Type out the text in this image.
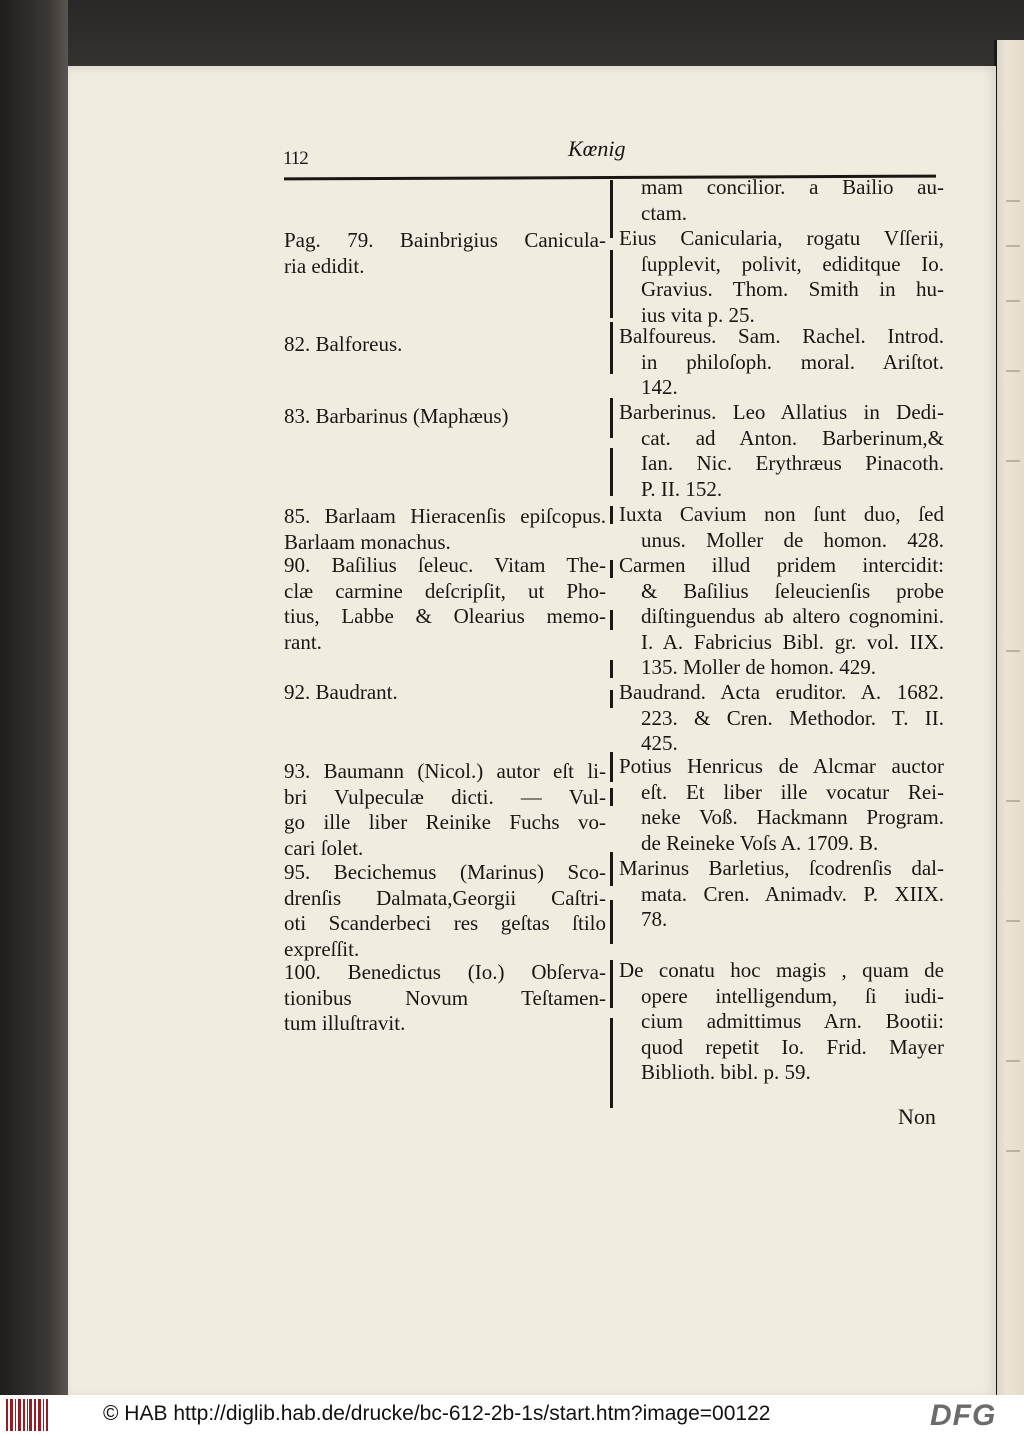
112	Kœnig
Pag. 79. Bainbrigius Canicula-
ria edidit.
82. Balforeus.
83. Barbarinus (Maphæus)
85. Barlaam Hieracenſis epiſcopus.
Barlaam monachus.
90. Baſilius ſeleuc. Vitam The-
clæ carmine deſcripſit, ut Pho-
tius, Labbe & Olearius memo-
rant.
92. Baudrant.
93. Baumann (Nicol.) autor eſt li-
bri Vulpeculæ dicti. — Vul-
go ille liber Reinike Fuchs vo-
cari ſolet.
95. Becichemus (Marinus) Sco-
drenſis Dalmata,Georgii Caſtri-
oti Scanderbeci res geſtas ſtilo
expreſſit.
100. Benedictus (Io.) Obſerva-
tionibus Novum Teſtamen-
tum illuſtravit.
mam concilior. a Bailio au-
ctam.
Eius Canicularia, rogatu Vſſerii,
ſupplevit, polivit, ediditque Io.
Gravius. Thom. Smith in hu-
ius vita p. 25.
Balfoureus. Sam. Rachel. Introd.
in philoſoph. moral. Ariſtot.
142.
Barberinus. Leo Allatius in Dedi-
cat. ad Anton. Barberinum,&
Ian. Nic. Erythræus Pinacoth.
P. II. 152.
Iuxta Cavium non ſunt duo, ſed
unus. Moller de homon. 428.
Carmen illud pridem intercidit:
& Baſilius ſeleucienſis probe
diſtinguendus ab altero cognomini.
I. A. Fabricius Bibl. gr. vol. IIX.
135. Moller de homon. 429.
Baudrand. Acta eruditor. A. 1682.
223. & Cren. Methodor. T. II.
425.
Potius Henricus de Alcmar auctor
eſt. Et liber ille vocatur Rei-
neke Voß. Hackmann Program.
de Reineke Voſs A. 1709. B.
Marinus Barletius, ſcodrenſis dal-
mata. Cren. Animadv. P. XIIX.
78.
De conatu hoc magis , quam de
opere intelligendum, ſi iudi-
cium admittimus Arn. Bootii:
quod repetit Io. Frid. Mayer
Biblioth. bibl. p. 59.
Non
© HAB http://diglib.hab.de/drucke/bc-612-2b-1s/start.htm?image=00122	DFG
